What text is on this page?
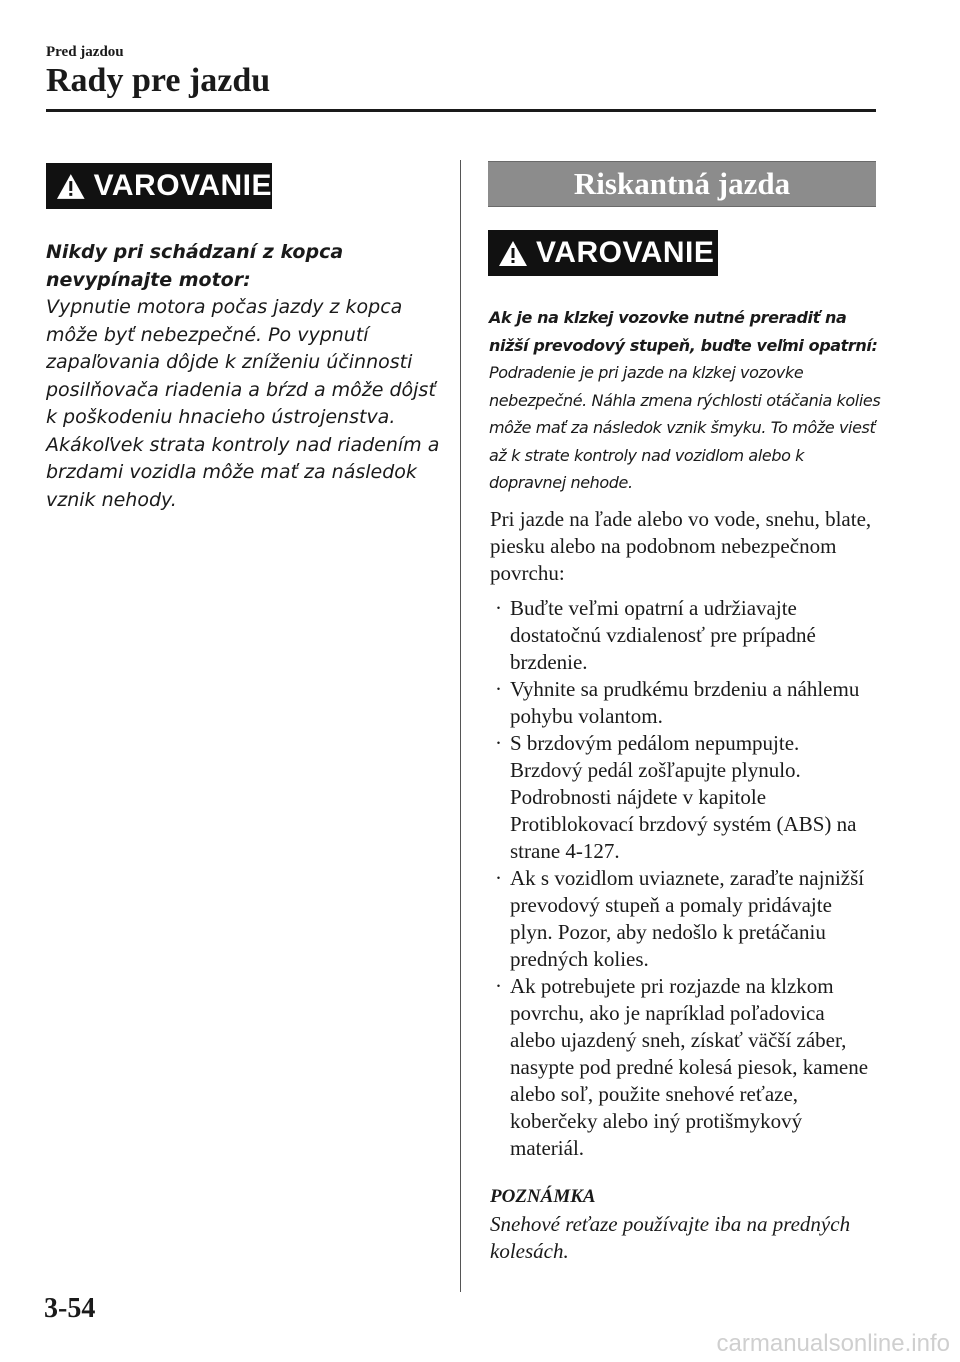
Pred jazdou
Rady pre jazdu
VAROVANIE
Nikdy pri schádzaní z kopca nevypínajte motor:
Vypnutie motora počas jazdy z kopca môže byť nebezpečné. Po vypnutí zapaľovania dôjde k zníženiu účinnosti posilňovača riadenia a bŕzd a môže dôjsť k poškodeniu hnacieho ústrojenstva. Akákoľvek strata kontroly nad riadením a brzdami vozidla môže mať za následok vznik nehody.
Riskantná jazda
VAROVANIE
Ak je na klzkej vozovke nutné preradiť na nižší prevodový stupeň, buďte veľmi opatrní:
Podradenie je pri jazde na klzkej vozovke nebezpečné. Náhla zmena rýchlosti otáčania kolies môže mať za následok vznik šmyku. To môže viesť až k strate kontroly nad vozidlom alebo k dopravnej nehode.
Pri jazde na ľade alebo vo vode, snehu, blate, piesku alebo na podobnom nebezpečnom povrchu:
· Buďte veľmi opatrní a udržiavajte dostatočnú vzdialenosť pre prípadné brzdenie.
· Vyhnite sa prudkému brzdeniu a náhlemu pohybu volantom.
· S brzdovým pedálom nepumpujte. Brzdový pedál zošľapujte plynulo. Podrobnosti nájdete v kapitole Protiblokovací brzdový systém (ABS) na strane 4-127.
· Ak s vozidlom uviaznete, zaraďte najnižší prevodový stupeň a pomaly pridávajte plyn. Pozor, aby nedošlo k pretáčaniu predných kolies.
· Ak potrebujete pri rozjazde na klzkom povrchu, ako je napríklad poľadovica alebo ujazdený sneh, získať väčší záber, nasypte pod predné kolesá piesok, kamene alebo soľ, použite snehové reťaze, koberčeky alebo iný protišmykový materiál.
POZNÁMKA
Snehové reťaze používajte iba na predných kolesách.
3-54
carmanualsonline.info
